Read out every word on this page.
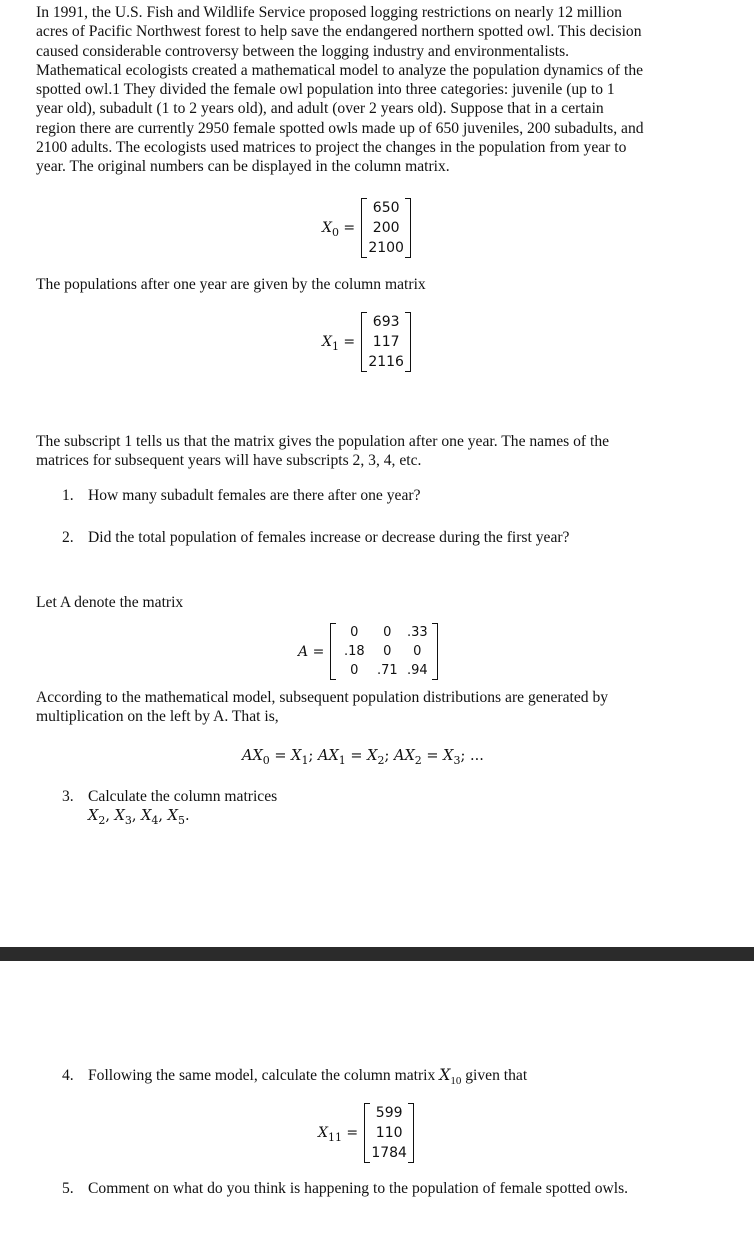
In 1991, the U.S. Fish and Wildlife Service proposed logging restrictions on nearly 12 million
acres of Pacific Northwest forest to help save the endangered northern spotted owl. This decision
caused considerable controversy between the logging industry and environmentalists.
Mathematical ecologists created a mathematical model to analyze the population dynamics of the
spotted owl.1 They divided the female owl population into three categories: juvenile (up to 1
year old), subadult (1 to 2 years old), and adult (over 2 years old). Suppose that in a certain
region there are currently 2950 female spotted owls made up of 650 juveniles, 200 subadults, and
2100 adults. The ecologists used matrices to project the changes in the population from year to
year. The original numbers can be displayed in the column matrix.
$X_0$ =
650
200
2100
The populations after one year are given by the column matrix
$X_1$ =
693
117
2116
The subscript 1 tells us that the matrix gives the population after one year. The names of the
matrices for subsequent years will have subscripts 2, 3, 4, etc.
1. How many subadult females are there after one year?
2. Did the total population of females increase or decrease during the first year?
Let A denote the matrix
A =
0	0	.33
.18	0	0
0	.71 .94
According to the mathematical model, subsequent population distributions are generated by
multiplication on the left by A. That is,
$AX_0 = X_1$; $AX_1 = X_2$; $AX_2 = X_3$; ...
3. Calculate the column matrices
$X_2$, $X_3$, $X_4$, $X_5$.
4. Following the same model, calculate the column matrix $X_{10}$ given that
$X_{11}$ =
599
110
1784
5. Comment on what do you think is happening to the population of female spotted owls.
